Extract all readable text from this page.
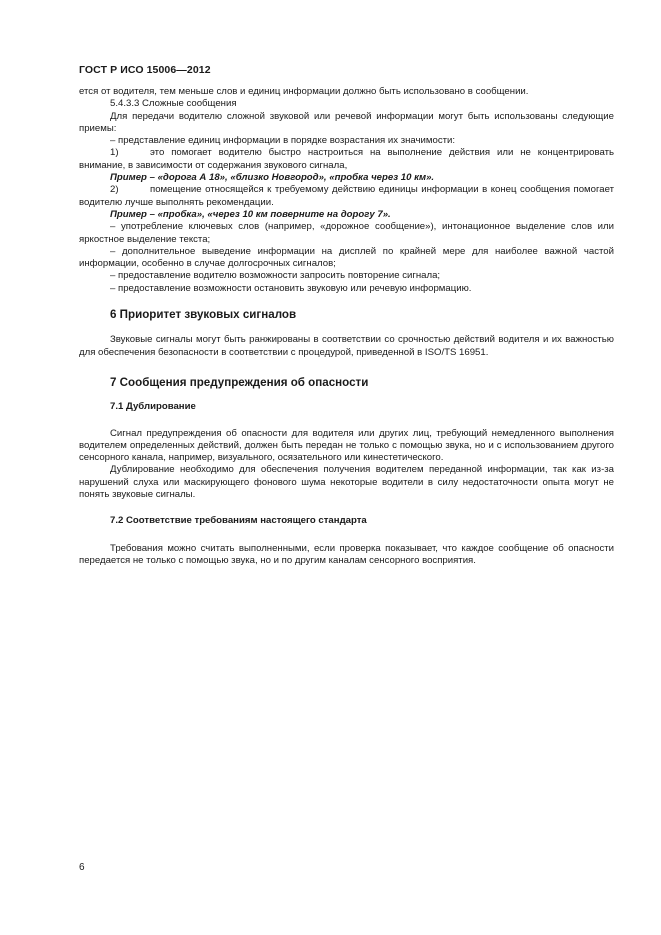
ГОСТ Р ИСО 15006—2012

ется от водителя, тем меньше слов и единиц информации должно быть использовано в сообщении.

5.4.3.3 Сложные сообщения

Для передачи водителю сложной звуковой или речевой информации могут быть использованы следующие приемы:

– представление единиц информации в порядке возрастания их значимости:

1)	это помогает водителю быстро настроиться на выполнение действия или не концентрировать внимание, в зависимости от содержания звукового сигнала,

Пример – «дорога А 18», «близко Новгород», «пробка через 10 км».

2)	помещение относящейся к требуемому действию единицы информации в конец сообщения помогает водителю лучше выполнять рекомендации.

Пример – «пробка», «через 10 км поверните на дорогу 7».

– употребление ключевых слов (например, «дорожное сообщение»), интонационное выделение слов или яркостное выделение текста;

– дополнительное выведение информации на дисплей по крайней мере для наиболее важной частой информации, особенно в случае долгосрочных сигналов;

– предоставление водителю возможности запросить повторение сигнала;

– предоставление возможности остановить звуковую или речевую информацию.

6 Приоритет звуковых сигналов

Звуковые сигналы могут быть ранжированы в соответствии со срочностью действий водителя и их важностью для обеспечения безопасности в соответствии с процедурой, приведенной в ISO/TS 16951.

7 Сообщения предупреждения об опасности
7.1 Дублирование

Сигнал предупреждения об опасности для водителя или других лиц, требующий немедленного выполнения водителем определенных действий, должен быть передан не только с помощью звука, но и с использованием другого сенсорного канала, например, визуального, осязательного или кинестетического.

Дублирование необходимо для обеспечения получения водителем переданной информации, так как из-за нарушений слуха или маскирующего фонового шума некоторые водители в силу недостаточности опыта могут не понять звуковые сигналы.

7.2 Соответствие требованиям настоящего стандарта

Требования можно считать выполненными, если проверка показывает, что каждое сообщение об опасности передается не только с помощью звука, но и по другим каналам сенсорного восприятия.

6
